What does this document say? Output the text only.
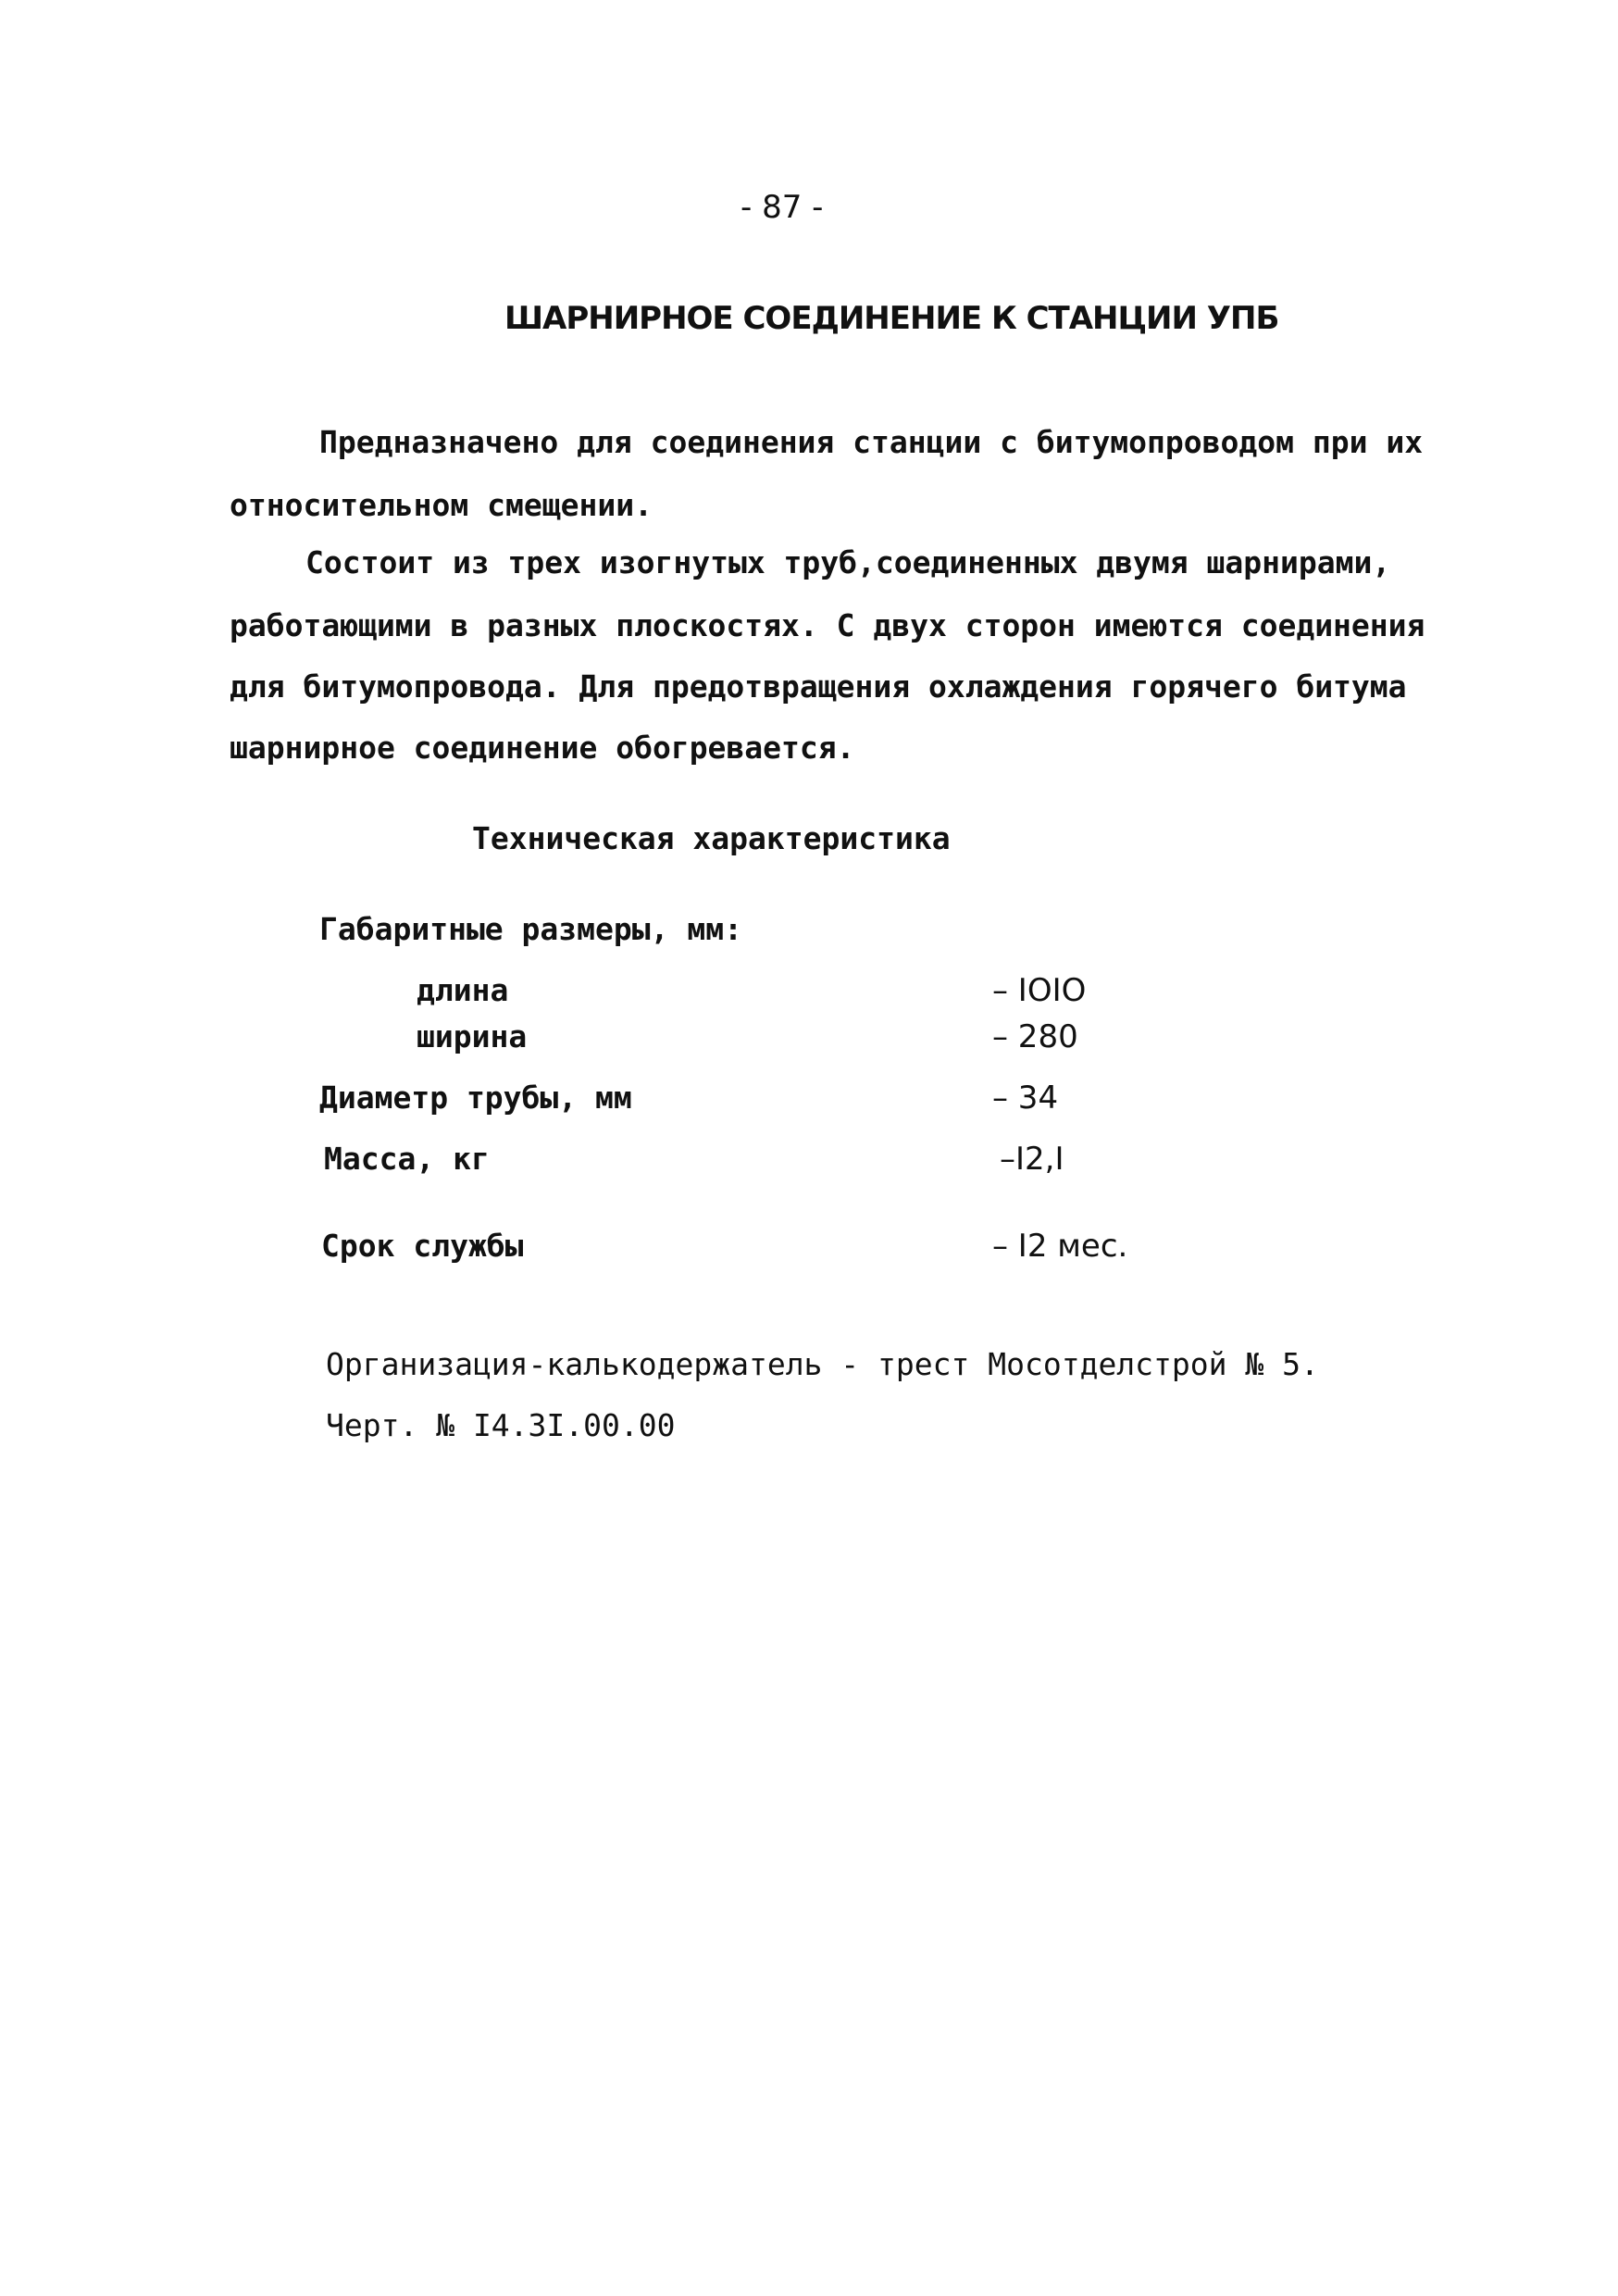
- 87 -
ШАРНИРНОЕ СОЕДИНЕНИЕ К СТАНЦИИ УПБ
Предназначено для соединения станции с битумопроводом при их
относительном смещении.
Состоит из трех изогнутых труб,соединенных двумя шарнирами,
работающими в разных плоскостях. С двух сторон имеются соединения
для битумопровода. Для предотвращения охлаждения горячего битума
шарнирное соединение обогревается.
Техническая характеристика
Габаритные размеры, мм:
длина	– IOIO
ширина	– 280
Диаметр трубы, мм	– 34
Масса, кг	–I2,I
Срок службы	– I2 мес.
Организация-калькодержатель - трест Мосотделстрой № 5.
Черт. № I4.3I.00.00
